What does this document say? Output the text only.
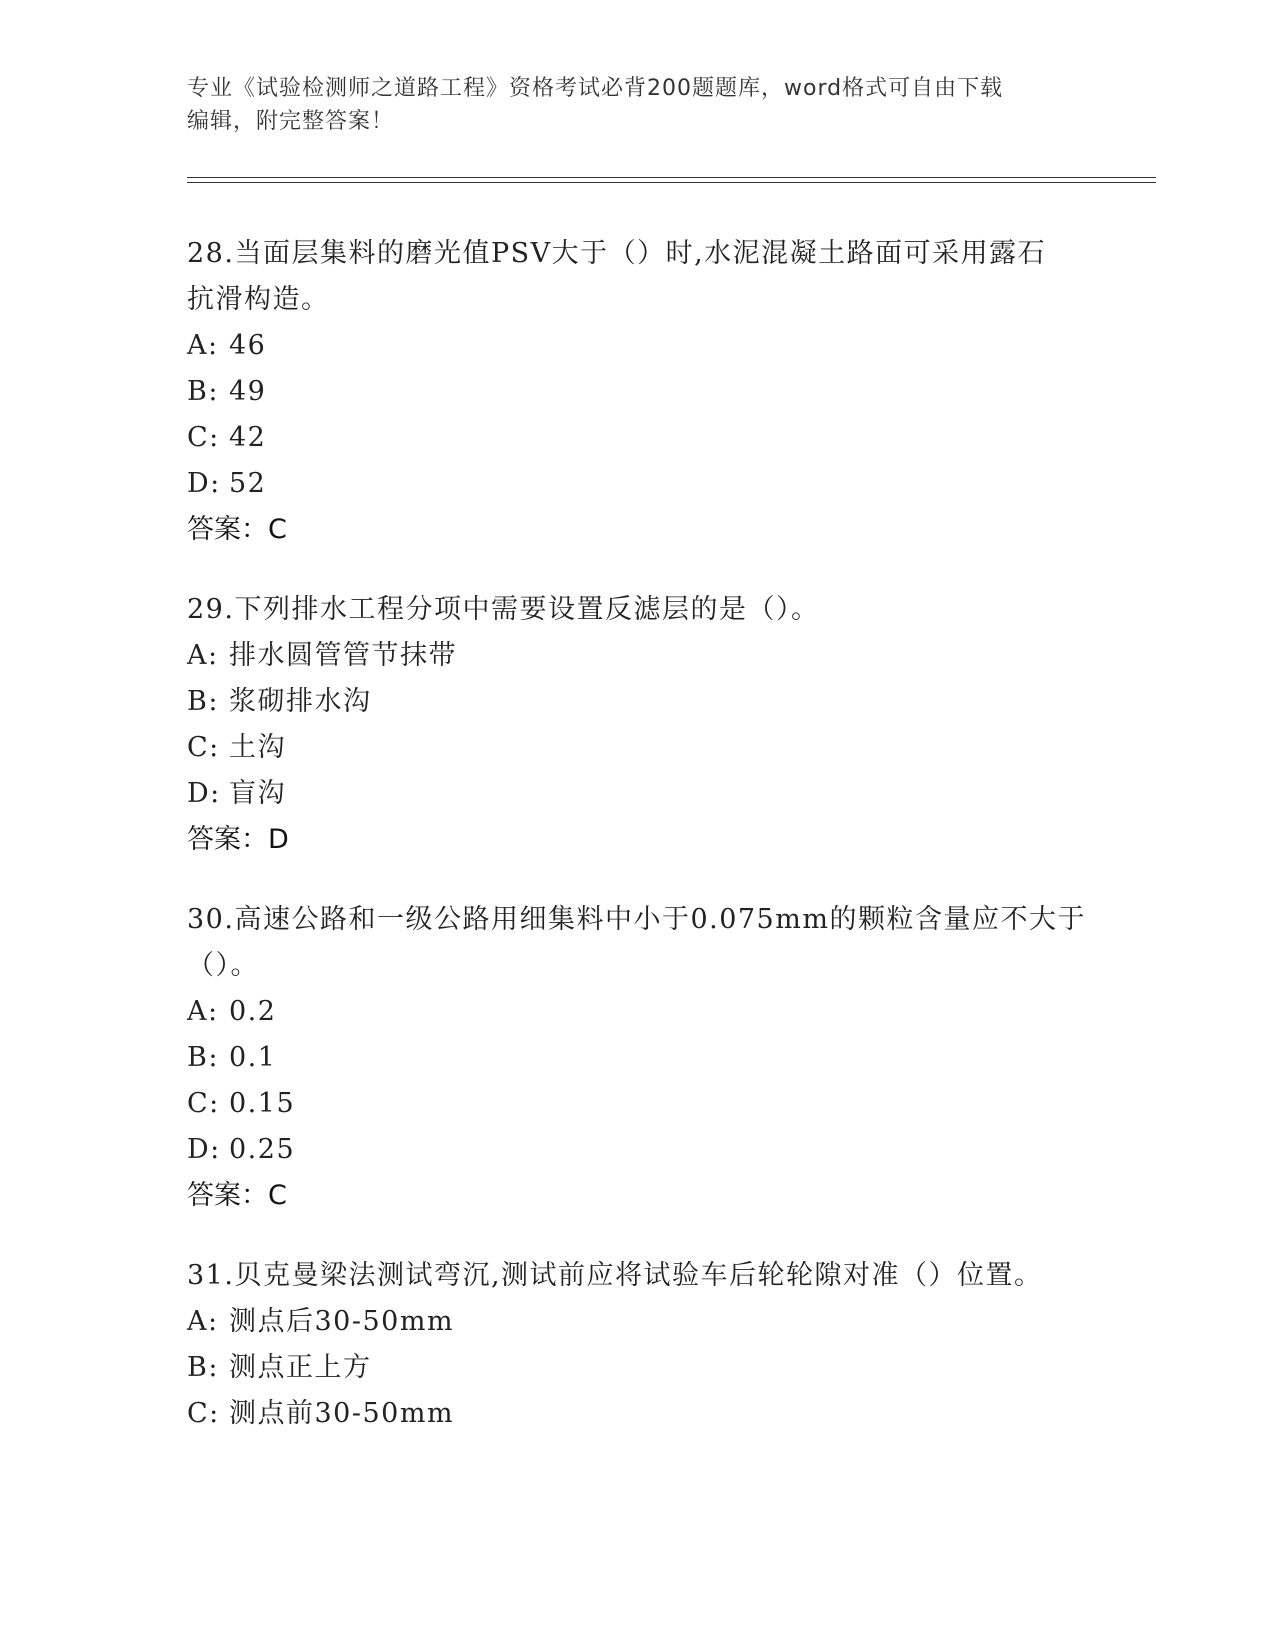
专业《试验检测师之道路工程》资格考试必背200题题库，word格式可自由下载
编辑，附完整答案！
28.当面层集料的磨光值PSV大于（）时,水泥混凝土路面可采用露石
抗滑构造。
A: 46
B: 49
C: 42
D: 52
答案：C
29.下列排水工程分项中需要设置反滤层的是（）。
A: 排水圆管管节抹带
B: 浆砌排水沟
C: 土沟
D: 盲沟
答案：D
30.高速公路和一级公路用细集料中小于0.075mm的颗粒含量应不大于
（）。
A: 0.2
B: 0.1
C: 0.15
D: 0.25
答案：C
31.贝克曼梁法测试弯沉,测试前应将试验车后轮轮隙对准（）位置。
A: 测点后30-50mm
B: 测点正上方
C: 测点前30-50mm
